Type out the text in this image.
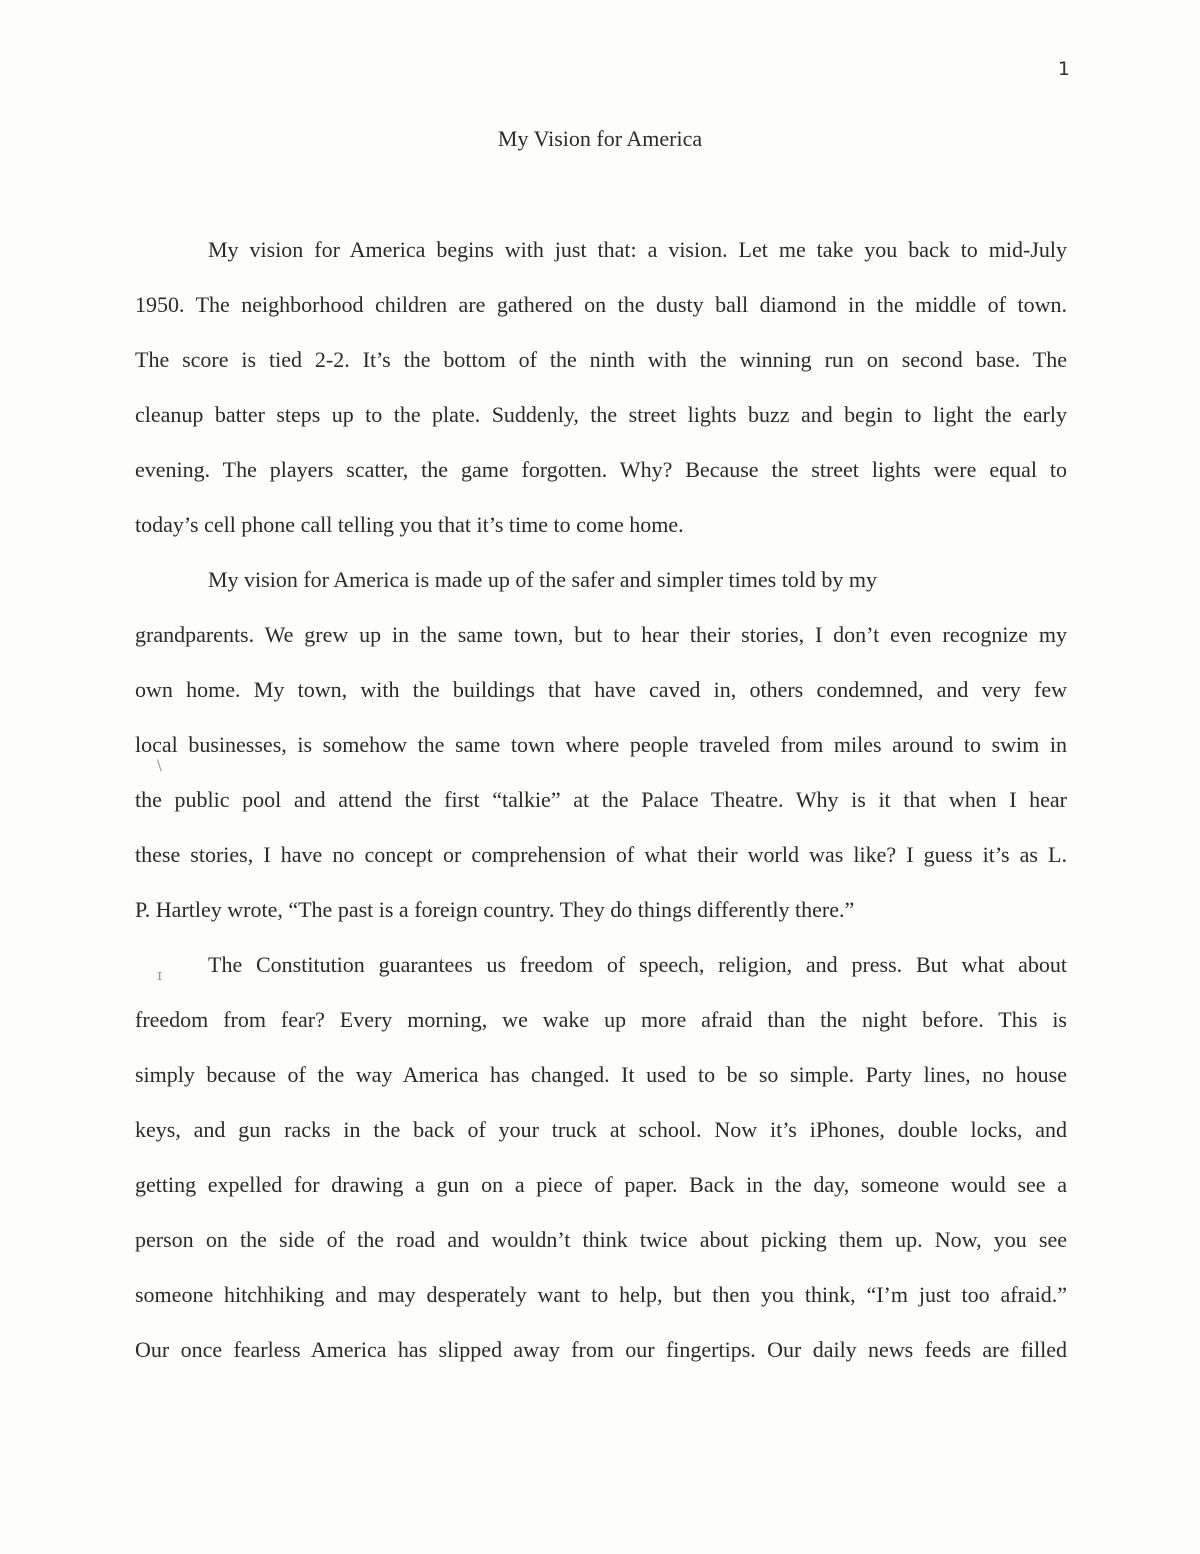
1
My Vision for America
\
ɪ
My vision for America begins with just that: a vision. Let me take you back to mid-July
1950. The neighborhood children are gathered on the dusty ball diamond in the middle of town.
The score is tied 2-2. It’s the bottom of the ninth with the winning run on second base. The
cleanup batter steps up to the plate. Suddenly, the street lights buzz and begin to light the early
evening. The players scatter, the game forgotten. Why? Because the street lights were equal to
today’s cell phone call telling you that it’s time to come home.
My vision for America is made up of the safer and simpler times told by my
grandparents. We grew up in the same town, but to hear their stories, I don’t even recognize my
own home. My town, with the buildings that have caved in, others condemned, and very few
local businesses, is somehow the same town where people traveled from miles around to swim in
the public pool and attend the first “talkie” at the Palace Theatre. Why is it that when I hear
these stories, I have no concept or comprehension of what their world was like? I guess it’s as L.
P. Hartley wrote, “The past is a foreign country. They do things differently there.”
The Constitution guarantees us freedom of speech, religion, and press. But what about
freedom from fear? Every morning, we wake up more afraid than the night before. This is
simply because of the way America has changed. It used to be so simple. Party lines, no house
keys, and gun racks in the back of your truck at school. Now it’s iPhones, double locks, and
getting expelled for drawing a gun on a piece of paper. Back in the day, someone would see a
person on the side of the road and wouldn’t think twice about picking them up. Now, you see
someone hitchhiking and may desperately want to help, but then you think, “I’m just too afraid.”
Our once fearless America has slipped away from our fingertips. Our daily news feeds are filled
